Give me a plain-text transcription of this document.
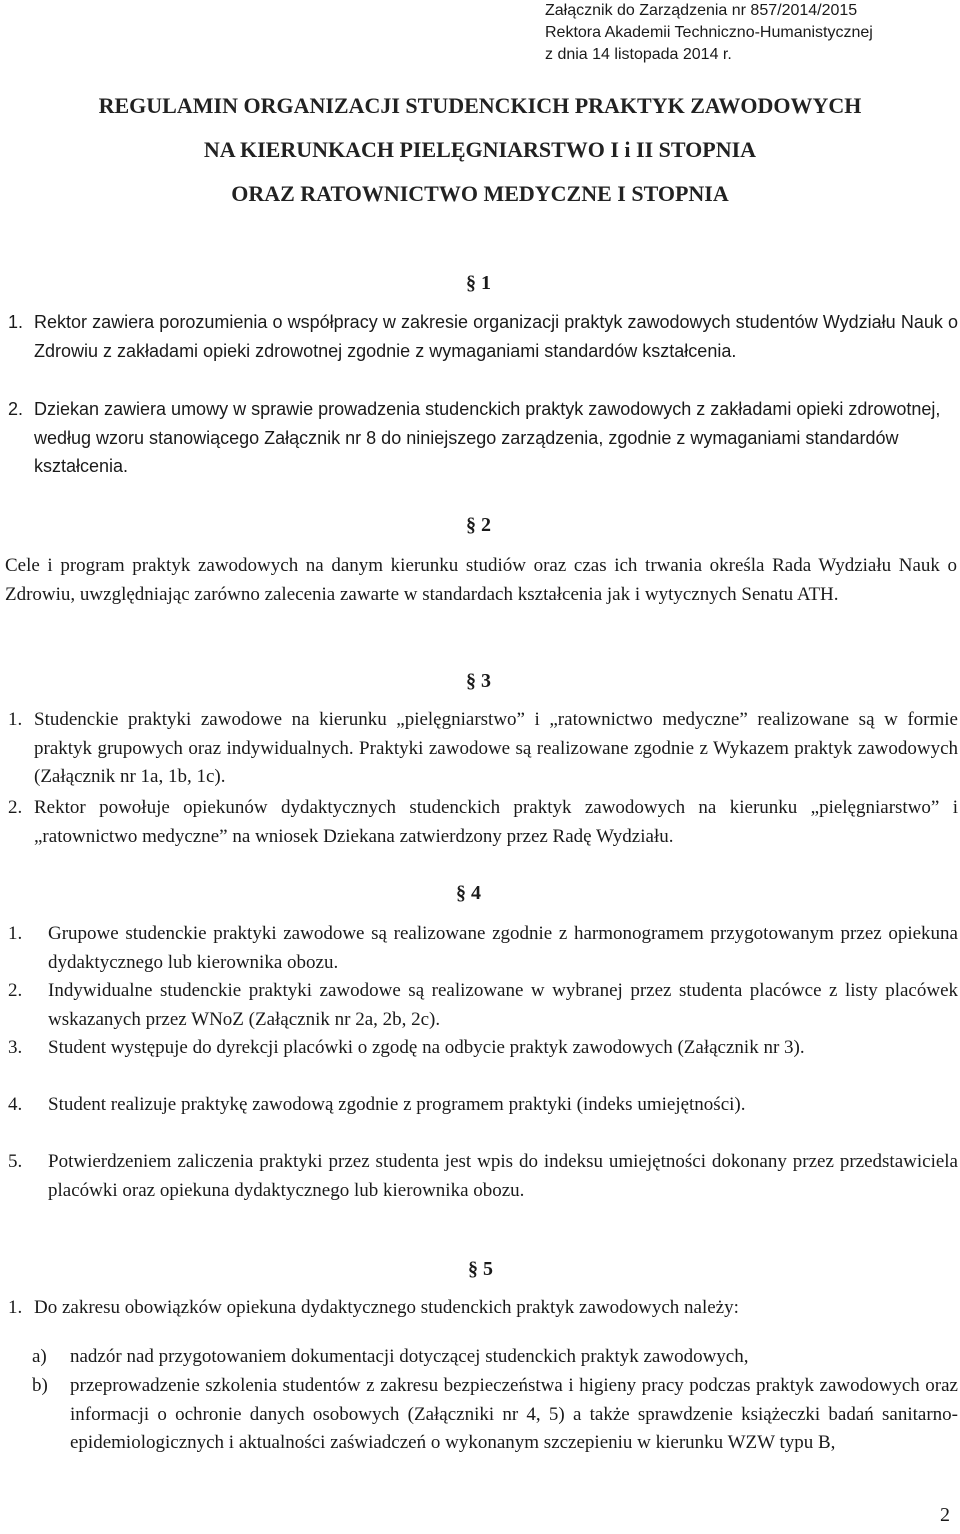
Załącznik do Zarządzenia nr 857/2014/2015
Rektora Akademii Techniczno-Humanistycznej
z dnia 14 listopada 2014 r.
REGULAMIN ORGANIZACJI STUDENCKICH PRAKTYK ZAWODOWYCH
NA KIERUNKACH PIELĘGNIARSTWO I i II STOPNIA
ORAZ RATOWNICTWO MEDYCZNE I STOPNIA
§ 1
1. Rektor zawiera porozumienia o współpracy w zakresie organizacji praktyk zawodowych studentów Wydziału Nauk o Zdrowiu z zakładami opieki zdrowotnej zgodnie z wymaganiami standardów kształcenia.
2. Dziekan zawiera umowy w sprawie prowadzenia studenckich praktyk zawodowych z zakładami opieki zdrowotnej, według wzoru stanowiącego Załącznik nr 8 do niniejszego zarządzenia, zgodnie z wymaganiami standardów kształcenia.
§ 2
Cele i program praktyk zawodowych na danym kierunku studiów oraz czas ich trwania określa Rada Wydziału Nauk o Zdrowiu, uwzględniając zarówno zalecenia zawarte w standardach kształcenia jak i wytycznych Senatu ATH.
§ 3
1. Studenckie praktyki zawodowe na kierunku „pielęgniarstwo” i „ratownictwo medyczne” realizowane są w formie praktyk grupowych oraz indywidualnych. Praktyki zawodowe są realizowane zgodnie z Wykazem praktyk zawodowych (Załącznik nr 1a, 1b, 1c).
2. Rektor powołuje opiekunów dydaktycznych studenckich praktyk zawodowych na kierunku „pielęgniarstwo” i „ratownictwo medyczne” na wniosek Dziekana zatwierdzony przez Radę Wydziału.
§ 4
1. Grupowe studenckie praktyki zawodowe są realizowane zgodnie z harmonogramem przygotowanym przez opiekuna dydaktycznego lub kierownika obozu.
2. Indywidualne studenckie praktyki zawodowe są realizowane w wybranej przez studenta placówce z listy placówek wskazanych przez WNoZ (Załącznik nr 2a, 2b, 2c).
3. Student występuje do dyrekcji placówki o zgodę na odbycie praktyk zawodowych (Załącznik nr 3).
4. Student realizuje praktykę zawodową zgodnie z programem praktyki (indeks umiejętności).
5. Potwierdzeniem zaliczenia praktyki przez studenta jest wpis do indeksu umiejętności dokonany przez przedstawiciela placówki oraz opiekuna dydaktycznego lub kierownika obozu.
§ 5
1. Do zakresu obowiązków opiekuna dydaktycznego studenckich praktyk zawodowych należy:
a) nadzór nad przygotowaniem dokumentacji dotyczącej studenckich praktyk zawodowych,
b) przeprowadzenie szkolenia studentów z zakresu bezpieczeństwa i higieny pracy podczas praktyk zawodowych oraz informacji o ochronie danych osobowych (Załączniki nr 4, 5) a także sprawdzenie książeczki badań sanitarno- epidemiologicznych i aktualności zaświadczeń o wykonanym szczepieniu w kierunku WZW typu B,
2
